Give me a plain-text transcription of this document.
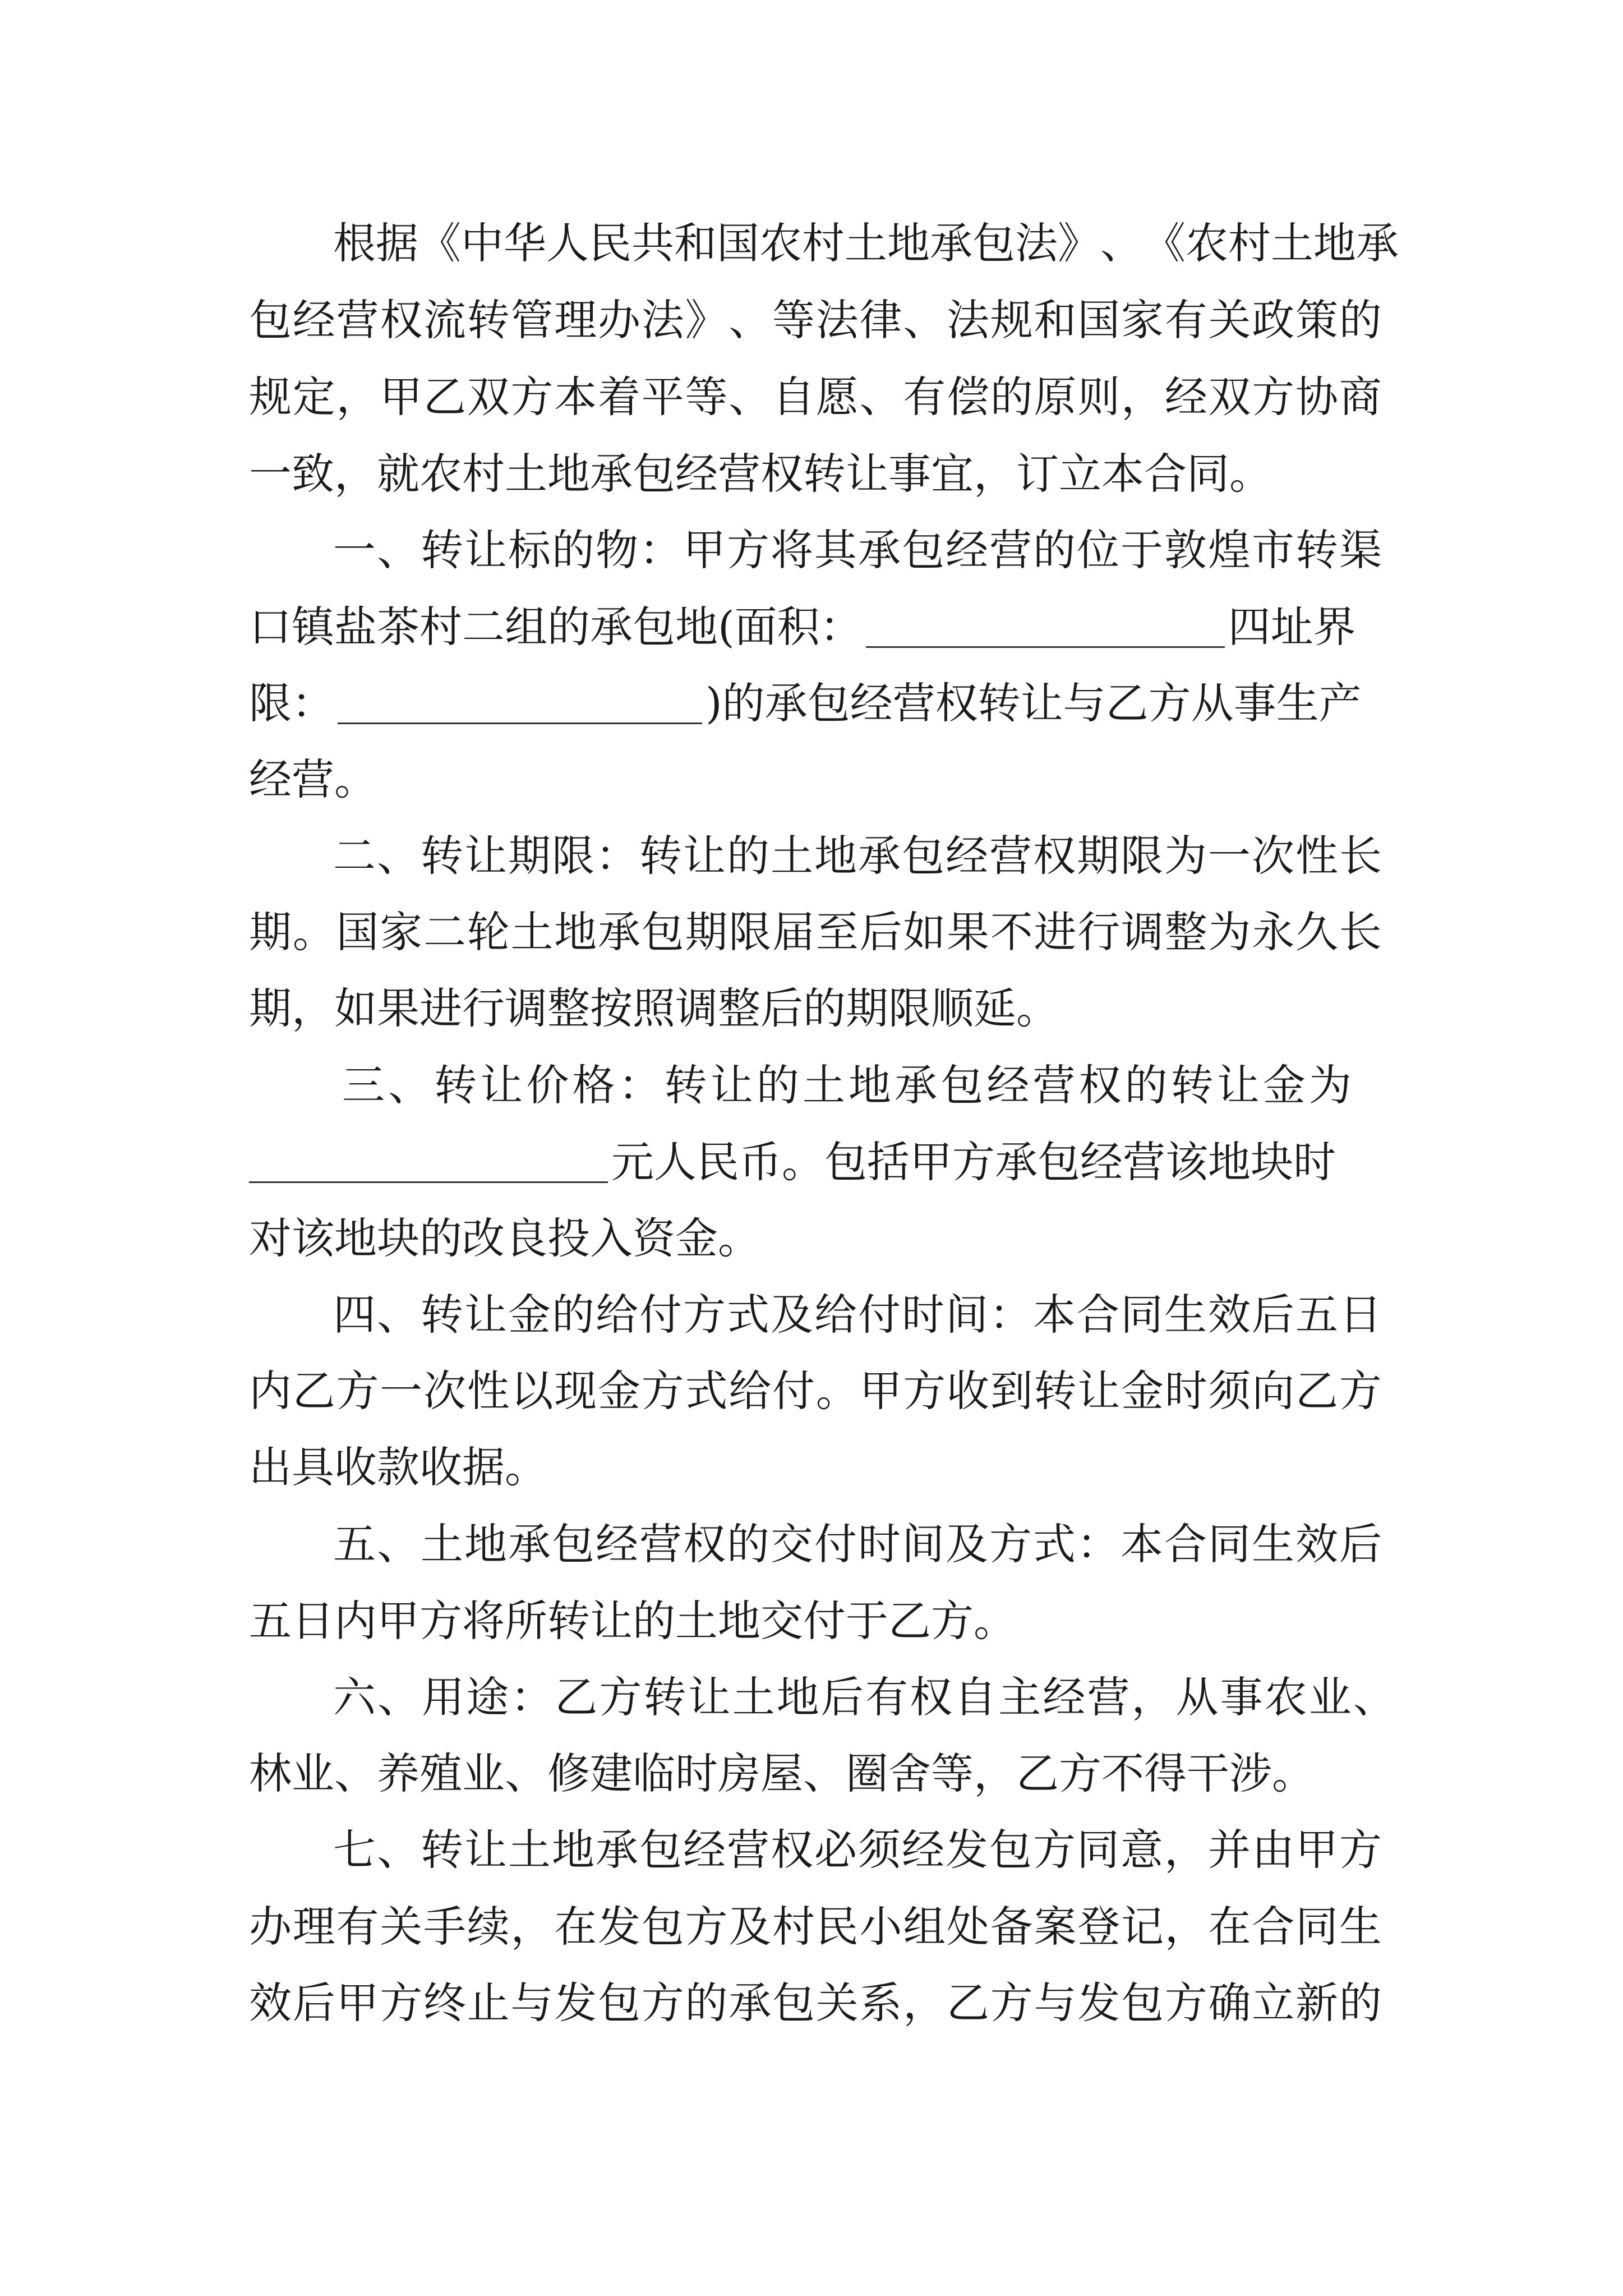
根 据 《 中 华 人 民 共 和 国 农 村 土 地 承 包 法 》 、 《 农 村 土 地 承
包 经 营 权 流 转 管 理 办 法 》 、 等 法 律 、 法 规 和 国 家 有 关 政 策 的
规 定 ， 甲 乙 双 方 本 着 平 等 、 自 愿 、 有 偿 的 原 则 ， 经 双 方 协 商
一致，就农村土地承包经营权转让事宜，订立本合同。
一 、 转 让 标 的 物 ： 甲 方 将 其 承 包 经 营 的 位 于 敦 煌 市 转 渠
口镇盐茶村二组的承包地(面积：	四址界
限：	)的承包经营权转让与乙方从事生产
经营。
二 、 转 让 期 限 ： 转 让 的 土 地 承 包 经 营 权 期 限 为 一 次 性 长
期 。 国 家 二 轮 土 地 承 包 期 限 届 至 后 如 果 不 进 行 调 整 为 永 久 长
期，如果进行调整按照调整后的期限顺延。
三 、 转 让 价 格 ： 转 让 的 土 地 承 包 经 营 权 的 转 让 金 为
元人民币。包括甲方承包经营该地块时
对该地块的改良投入资金。
四 、 转 让 金 的 给 付 方 式 及 给 付 时 间 ： 本 合 同 生 效 后 五 日
内 乙 方 一 次 性 以 现 金 方 式 给 付 。 甲 方 收 到 转 让 金 时 须 向 乙 方
出具收款收据。
五 、 土 地 承 包 经 营 权 的 交 付 时 间 及 方 式 ： 本 合 同 生 效 后
五日内甲方将所转让的土地交付于乙方。
六 、 用 途 ： 乙 方 转 让 土 地 后 有 权 自 主 经 营 ， 从 事 农 业 、
林业、养殖业、修建临时房屋、圈舍等，乙方不得干涉。
七 、 转 让 土 地 承 包 经 营 权 必 须 经 发 包 方 同 意 ， 并 由 甲 方
办 理 有 关 手 续 ， 在 发 包 方 及 村 民 小 组 处 备 案 登 记 ， 在 合 同 生
效 后 甲 方 终 止 与 发 包 方 的 承 包 关 系 ， 乙 方 与 发 包 方 确 立 新 的
